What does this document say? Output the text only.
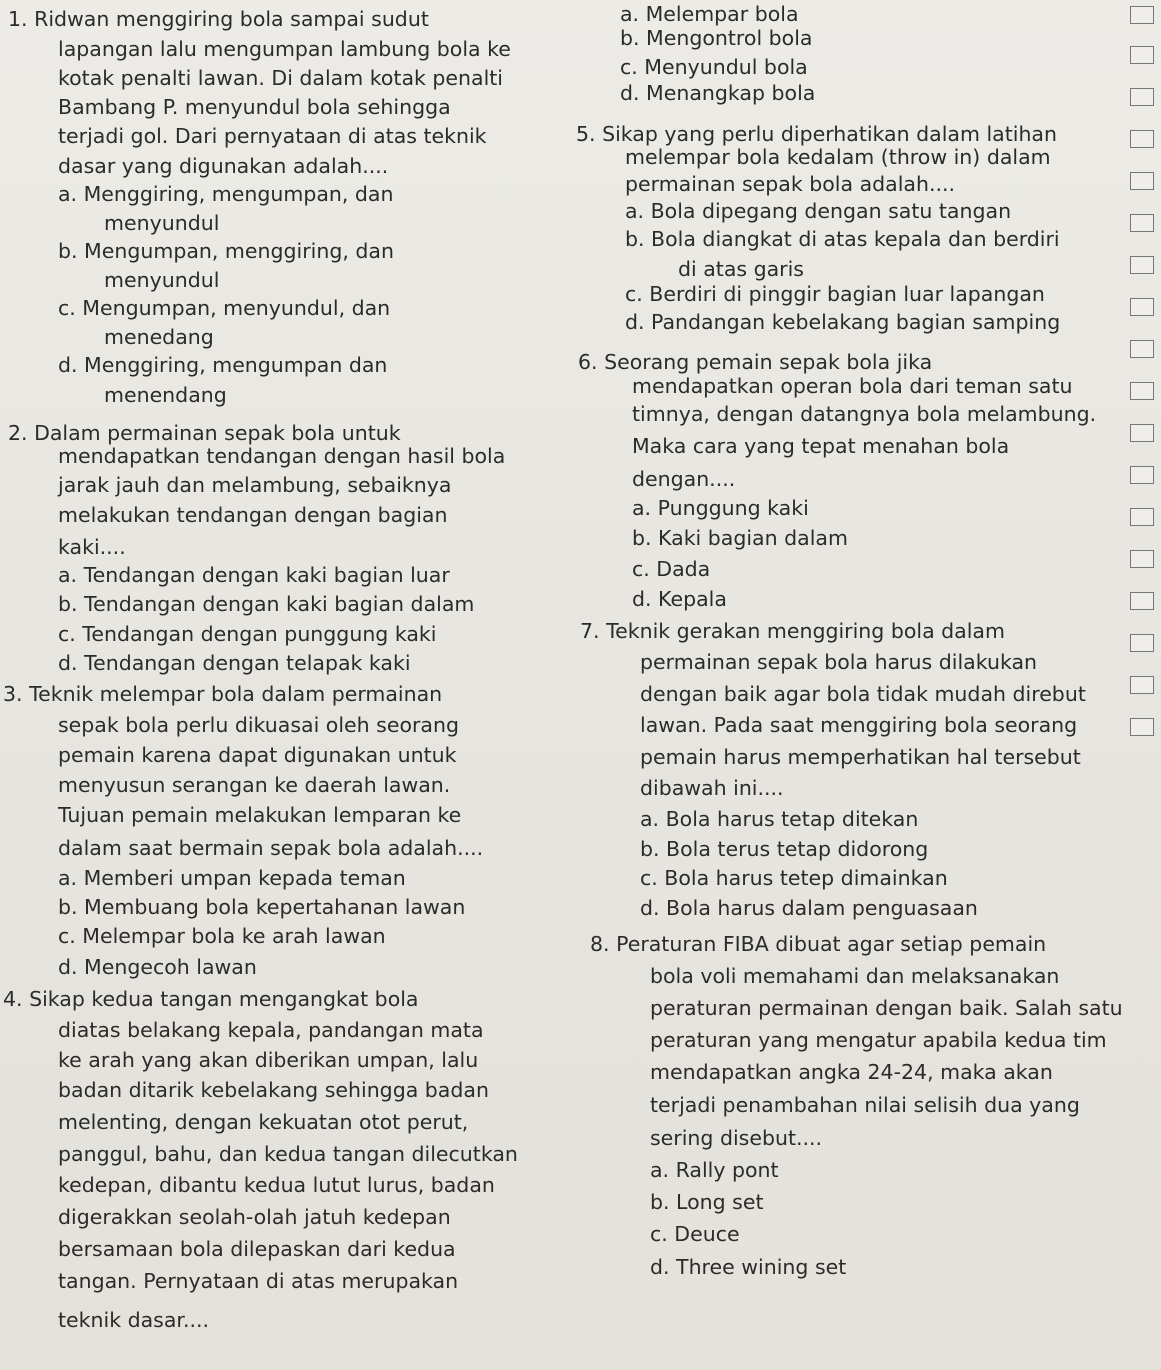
1. Ridwan menggiring bola sampai sudut
lapangan lalu mengumpan lambung bola ke
kotak penalti lawan. Di dalam kotak penalti
Bambang P. menyundul bola sehingga
terjadi gol. Dari pernyataan di atas teknik
dasar yang digunakan adalah....
a. Menggiring, mengumpan, dan
menyundul
b. Mengumpan, menggiring, dan
menyundul
c. Mengumpan, menyundul, dan
menedang
d. Menggiring, mengumpan dan
menendang
2. Dalam permainan sepak bola untuk
mendapatkan tendangan dengan hasil bola
jarak jauh dan melambung, sebaiknya
melakukan tendangan dengan bagian
kaki....
a. Tendangan dengan kaki bagian luar
b. Tendangan dengan kaki bagian dalam
c. Tendangan dengan punggung kaki
d. Tendangan dengan telapak kaki
3. Teknik melempar bola dalam permainan
sepak bola perlu dikuasai oleh seorang
pemain karena dapat digunakan untuk
menyusun serangan ke daerah lawan.
Tujuan pemain melakukan lemparan ke
dalam saat bermain sepak bola adalah....
a. Memberi umpan kepada teman
b. Membuang bola kepertahanan lawan
c. Melempar bola ke arah lawan
d. Mengecoh lawan
4. Sikap kedua tangan mengangkat bola
diatas belakang kepala, pandangan mata
ke arah yang akan diberikan umpan, lalu
badan ditarik kebelakang sehingga badan
melenting, dengan kekuatan otot perut,
panggul, bahu, dan kedua tangan dilecutkan
kedepan, dibantu kedua lutut lurus, badan
digerakkan seolah-olah jatuh kedepan
bersamaan bola dilepaskan dari kedua
tangan. Pernyataan di atas merupakan
teknik dasar....
a. Melempar bola
b. Mengontrol bola
c. Menyundul bola
d. Menangkap bola
5. Sikap yang perlu diperhatikan dalam latihan
melempar bola kedalam (throw in) dalam
permainan sepak bola adalah....
a. Bola dipegang dengan satu tangan
b. Bola diangkat di atas kepala dan berdiri
di atas garis
c. Berdiri di pinggir bagian luar lapangan
d. Pandangan kebelakang bagian samping
6. Seorang pemain sepak bola jika
mendapatkan operan bola dari teman satu
timnya, dengan datangnya bola melambung.
Maka cara yang tepat menahan bola
dengan....
a. Punggung kaki
b. Kaki bagian dalam
c. Dada
d. Kepala
7. Teknik gerakan menggiring bola dalam
permainan sepak bola harus dilakukan
dengan baik agar bola tidak mudah direbut
lawan. Pada saat menggiring bola seorang
pemain harus memperhatikan hal tersebut
dibawah ini....
a. Bola harus tetap ditekan
b. Bola terus tetap didorong
c. Bola harus tetep dimainkan
d. Bola harus dalam penguasaan
8. Peraturan FIBA dibuat agar setiap pemain
bola voli memahami dan melaksanakan
peraturan permainan dengan baik. Salah satu
peraturan yang mengatur apabila kedua tim
mendapatkan angka 24-24, maka akan
terjadi penambahan nilai selisih dua yang
sering disebut....
a. Rally pont
b. Long set
c. Deuce
d. Three wining set
